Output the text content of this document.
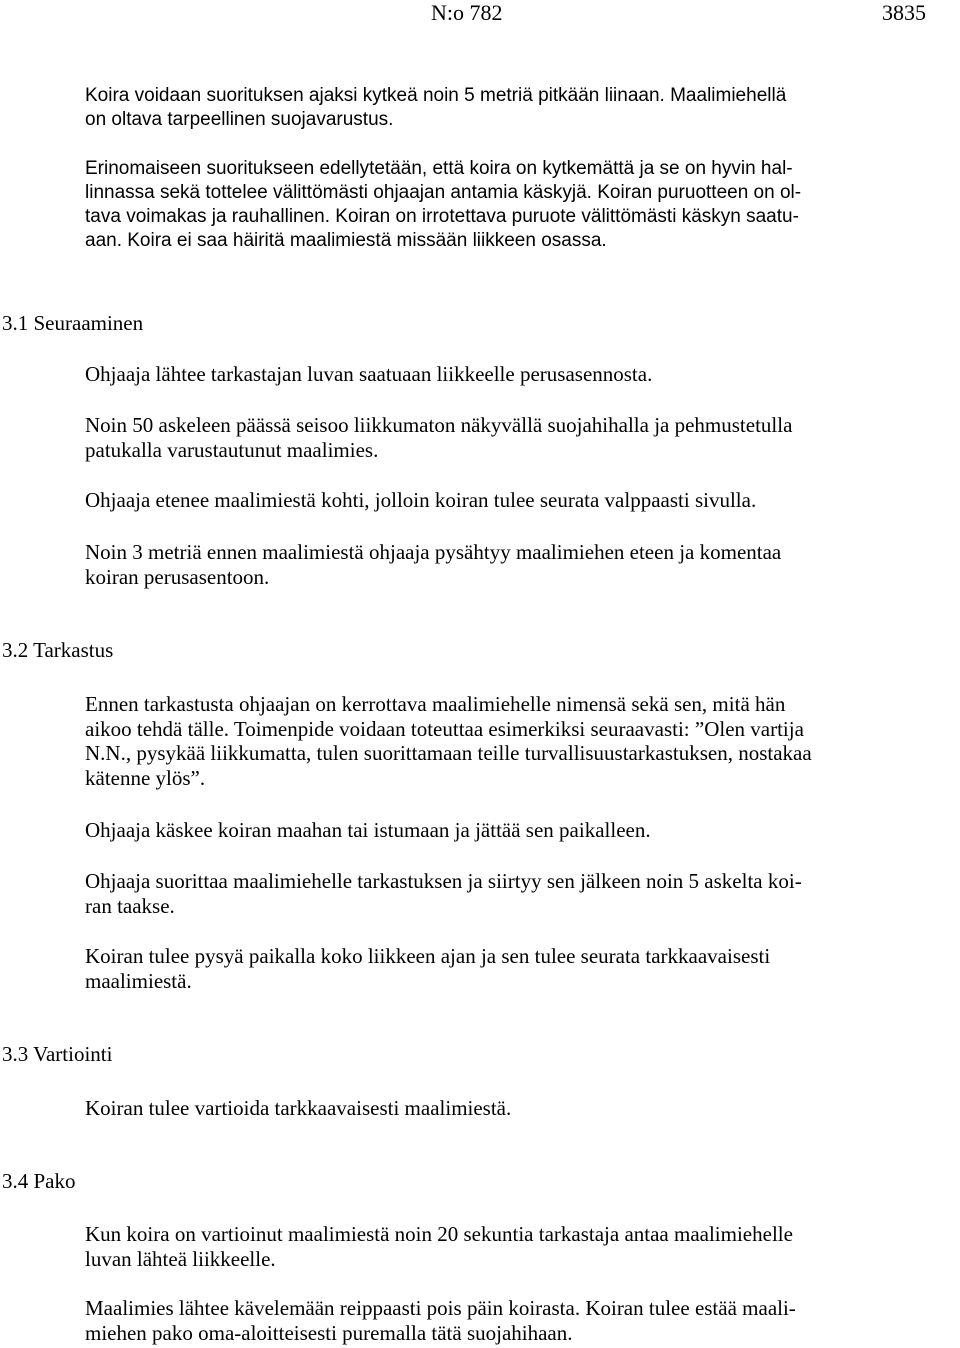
N:o 782	3835
Koira voidaan suorituksen ajaksi kytkeä noin 5 metriä pitkään liinaan. Maalimiehellä
on oltava tarpeellinen suojavarustus.
Erinomaiseen suoritukseen edellytetään, että koira on kytkemättä ja se on hyvin hal-
linnassa sekä tottelee välittömästi ohjaajan antamia käskyjä. Koiran puruotteen on ol-
tava voimakas ja rauhallinen. Koiran on irrotettava puruote välittömästi käskyn saatu-
aan. Koira ei saa häiritä maalimiestä missään liikkeen osassa.
3.1 Seuraaminen
Ohjaaja lähtee tarkastajan luvan saatuaan liikkeelle perusasennosta.
Noin 50 askeleen päässä seisoo liikkumaton näkyvällä suojahihalla ja pehmustetulla
patukalla varustautunut maalimies.
Ohjaaja etenee maalimiestä kohti, jolloin koiran tulee seurata valppaasti sivulla.
Noin 3 metriä ennen maalimiestä ohjaaja pysähtyy maalimiehen eteen ja komentaa
koiran perusasentoon.
3.2 Tarkastus
Ennen tarkastusta ohjaajan on kerrottava maalimiehelle nimensä sekä sen, mitä hän
aikoo tehdä tälle. Toimenpide voidaan toteuttaa esimerkiksi seuraavasti: ”Olen vartija
N.N., pysykää liikkumatta, tulen suorittamaan teille turvallisuustarkastuksen, nostakaa
kätenne ylös”.
Ohjaaja käskee koiran maahan tai istumaan ja jättää sen paikalleen.
Ohjaaja suorittaa maalimiehelle tarkastuksen ja siirtyy sen jälkeen noin 5 askelta koi-
ran taakse.
Koiran tulee pysyä paikalla koko liikkeen ajan ja sen tulee seurata tarkkaavaisesti
maalimiestä.
3.3 Vartiointi
Koiran tulee vartioida tarkkaavaisesti maalimiestä.
3.4 Pako
Kun koira on vartioinut maalimiestä noin 20 sekuntia tarkastaja antaa maalimiehelle
luvan lähteä liikkeelle.
Maalimies lähtee kävelemään reippaasti pois päin koirasta. Koiran tulee estää maali-
miehen pako oma-aloitteisesti puremalla tätä suojahihaan.
